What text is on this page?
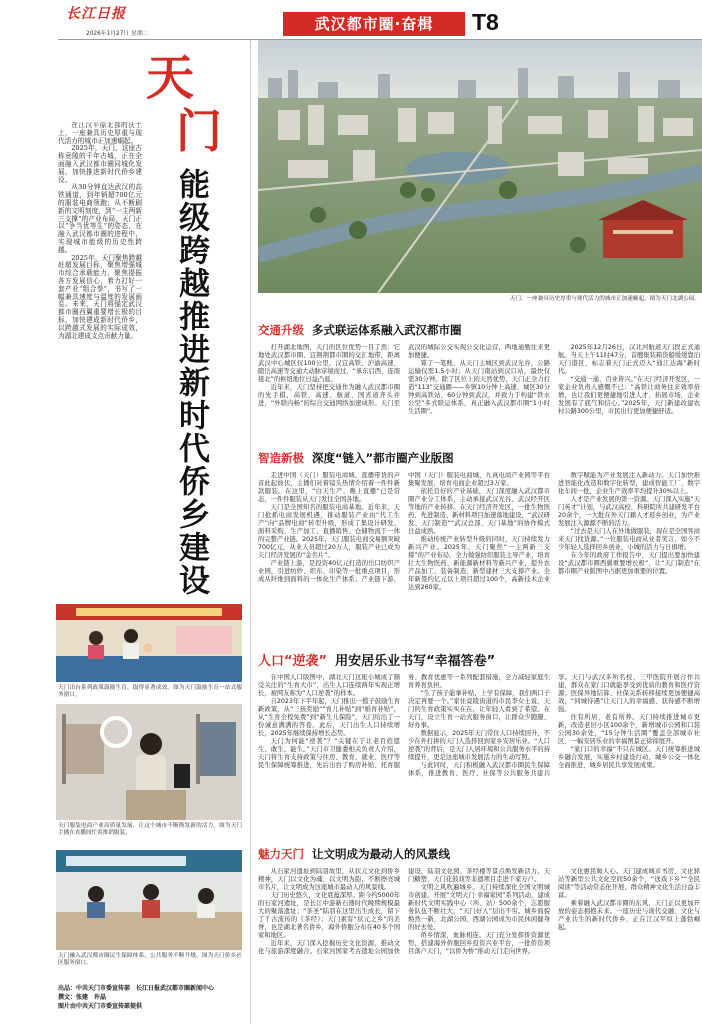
长江日报
2026年1月27日 星期二
武汉都市圈·奋楫	T8
天
门
能级跨越推进新时代侨乡建设

在江汉平原北部的沃土上，一座兼具历史厚重与现代活力的城市正加速崛起。

2025年，天门，这座古称竟陵的千年古城，正在全面融入武汉都市圈同城化发展，加快推进新时代侨乡建设。

从30分钟直达武汉的高铁通道，到年销超700亿元的服装电商领跑；从不断刷新的文明刻度，到“一主两新三支撑”的产业布局，天门正以“争当优等生”的姿态，在融入武汉都市圈的进程中，实现城市能级的历史性跨越。

2025年，天门聚焦跨越赶超发展目标，聚焦增强城市综合承载能力，聚焦提振各方发展信心，着力打好一套产业“组合拳”，书写了一幅兼具速度与温度的发展画卷。未来，天门将锚定武汉都市圈西翼重要增长极的目标，加快建成新时代侨乡，以跨越式发展的实际成效，为湖北建成支点贡献力量。

天门，一座兼具历史厚重与现代活力的城市正加速崛起。图为天门北湖公园。
交通升级 多式联运体系融入武汉都市圈

打开湖北地图，天门的区位优势一目了然：它地处武汉都市圈、宜荆荆都市圈的交汇地带，距离武汉中心城区仅100公里，汉宜高铁、沪渝高速、随岳高速等交通大动脉穿境而过，“承东启西、连南接北”的枢纽地位日益凸显。

近年来，天门坚持把交通作为融入武汉都市圈的先手棋，高铁、高速、航道、国省道齐头并进，“外联内畅”的综合交通网络加速成形。天门至武汉的城际公交实现公交化运营，两地通勤往来更加便捷。

算了一笔账，从天门主城区到武汉光谷，公路运输仅需1.5小时；从天门南站到汉口站，最快仅需30分钟。除了区位上的天然优势，天门正全力打造“113”交通圈——乡镇10分钟上高速、城区30分钟到高铁站、60分钟到武汉，并致力于构建“铁水公空”多式联运体系，真正融入武汉都市圈“1小时生活圈”。

2025年12月26日，汉北河航道天门段正式通航。当天上午11时47分，首艘集装箱货船缓缓靠泊天门港区，标志着天门正式迈入“通江达海”新时代。

“交通一通，百业皆兴。”在天门经济开发区，一家企业负责人感慨不已：“高铁让商务往来效率倍增，也让我们更便捷地引进人才、拓展市场，企业发展有了底气和信心。”2025年，天门新建改建农村公路300公里，市民出行更加便捷舒适。

智造新极 深度“链入”都市圈产业版图

走进中国（天门）服装电商城，直播带货的声音此起彼伏，主播们对着镜头热情介绍着一件件新款服装。在这里，“白天生产、晚上直播”已是常态，一件件服装从天门发往全国各地。

天门是全国知名的服装电商基地。近年来，天门抢抓电商发展机遇，推动服装产业由“代工生产”向“品牌电商”转型升级，形成了集设计研发、面料采购、生产加工、直播销售、仓储物流于一体的完整产业链。2025年，天门服装电商交易额突破700亿元，从业人员超过20万人，服装产业已成为天门经济发展的“金名片”。

产业链上游，是投资40亿元打造的岳口纺织产业园，引进纺纱、织布、印染等一批重点项目，形成从纤维到面料的一体化生产体系；产业链下游，中国（天门）服装电商城、九真电商产业园等平台集聚发展，培育电商企业超过3万家。

依托良好的产业基础，天门深度融入武汉都市圈产业分工体系，主动承接武汉光谷、武汉经开区等地的产业转移。在天门经济开发区，一批生物医药、先进制造、新材料项目加速落地建设，“武汉研发、天门制造”“武汉总部、天门基地”的协作模式日益成熟。

推动传统产业转型升级的同时，天门持续发力新兴产业。2025年，天门聚焦“一主两新三支撑”的产业布局，全力做强纺织服装主导产业，培育壮大生物医药、新能源新材料等新兴产业，提升农产品加工、装备制造、新型建材三大支撑产业。全年新签约亿元以上项目超过100个，高新技术企业达到260家。

数字赋能为产业发展注入新动力。天门加快推进智能化改造和数字化转型，建成智能工厂、数字化车间一批，企业生产效率平均提升30%以上。

人才是产业发展的第一资源。天门深入实施“天门英才”计划，与武汉高校、科研院所共建研发平台20余个，一大批在外天门籍人才返乡创业，为产业发展注入源源不断的活力。

“过去是天门人在外地做服装，现在是全国客商来天门找货源。”一位服装电商从业者笑言，如今不少年轻人选择回乡创业，小城的活力与日俱增。

在今年的政府工作报告中，天门提出要加快建设“武汉都市圈西翼重要增长极”，让“天门制造”在都市圈产业版图中占据更加重要的位置。

人口“逆袭” 用安居乐业书写“幸福答卷”

在中国人口版图中，湖北天门这座小城成了颇受关注的“生育大市”，出生人口连续两年实现正增长，被网友称为“人口逆袭”的样本。

自2023年下半年起，天门推出一揽子鼓励生育新政策，从“三孩奖励”“育儿补贴”到“婚育补贴”，从“生育全程免费”到“新生儿保险”，天门给出了一份诚意满满的答卷。此后，天门出生人口持续增长，2025年继续保持增长态势。

天门为何能“逆袭”？“关键在于让老百姓愿生、敢生、能生。”天门市卫健委相关负责人介绍，天门将生育支持政策与住房、教育、就业、医疗等民生保障统筹推进，先后出台了购房补贴、托育服务、教育优惠等一系列配套措施，全力减轻家庭生育养育负担。

“生了孩子能拿补贴，上学有保障，我们两口子决定再要一个。”家住竟陵街道的市民李女士说，天门的生育政策实实在在，让年轻人看到了希望。在天门，设立生育一站式服务窗口，让群众少跑腿、好办事。

数据显示，2025年天门常住人口持续回升，不少在外打拼的天门人选择回到家乡安居乐业。“人口逆袭”的背后，是天门人居环境和公共服务水平的持续提升，更是这座城市发展活力的生动写照。

与此同时，天门积极融入武汉都市圈民生保障体系，推进教育、医疗、社保等公共服务共建共享。天门与武汉多所名校、三甲医院开展合作共建，群众在家门口就能享受到优质的教育和医疗资源；医保异地结算、社保关系转移接续更加便捷高效，“同城待遇”让天门人的幸福感、获得感不断增强。

住有所居，老有所养。天门持续推进城市更新，改造老旧小区100余个，新增城市公园和口袋公园30余处，“15分钟生活圈”覆盖全部城市社区，一幅安居乐业的幸福图景正徐徐展开。

“家门口的幸福”不只在城区。天门统筹推进城乡融合发展，实施乡村建设行动，城乡公交一体化全面推进，城乡居民共享发展成果。

魅力天门 让文明成为最动人的风景线

从石家河遗址到陆羽故里，从状元文化到侨乡精神，天门以文化为魂、以文明为韵，不断擦亮城市名片，让文明成为这座城市最动人的风景线。

天门历史悠久，文化底蕴深厚。距今约5000年的石家河遗址，是长江中游新石器时代晚期规模最大的聚落遗址；“茶圣”陆羽在这里出生成长，留下了千古流传的《茶经》；天门素有“状元之乡”的美誉，也是湖北著名侨乡，海外侨胞分布在40多个国家和地区。

近年来，天门深入挖掘历史文化资源，推动文化与旅游深度融合。石家河国家考古遗址公园加快建设，陆羽文化园、茶经楼等景点焕发新活力，天门糖塑、天门花鼓戏等非遗项目走进千家万户。

文明之风吹遍城乡。天门持续深化全国文明城市创建，开展“文明天门·幸福家园”系列活动，建成新时代文明实践中心（所、站）500余个，志愿服务队伍不断壮大，“天门好人”层出不穷。城乡面貌焕然一新，北湖公园、西湖公园成为市民休闲健身的好去处。

侨乡情深，血脉相连。天门充分发挥侨资源优势，搭建海外侨胞回乡投资兴业平台，一批侨资项目落户天门，“以侨为桥”推动天门走向世界。

文化惠民暖人心。天门建成城市书房、文化驿站等新型公共文化空间50余个，“送戏下乡”“全民阅读”等活动常态化开展，群众精神文化生活日益丰富。

乘着融入武汉都市圈的东风，天门正以更加开放的姿态拥抱未来。一座历史与现代交融、文化与产业共生的新时代侨乡，正在江汉平原上蓬勃崛起。

天门出台系列政策鼓励生育，取得显著成效。图为天门鼓励生育一站式服务窗口。
天门服装电商产业高质量发展，让这个城市不断焕发新的活力。图为天门主播在直播间忙着推销服装。
天门融入武汉都市圈民生保障体系，公共服务不断升级。图为天门侨乡社区服务窗口。

出品：中共天门市委宣传部　长江日报武汉都市圈新闻中心

撰文：张建　许晶

图片由中共天门市委宣传部提供
